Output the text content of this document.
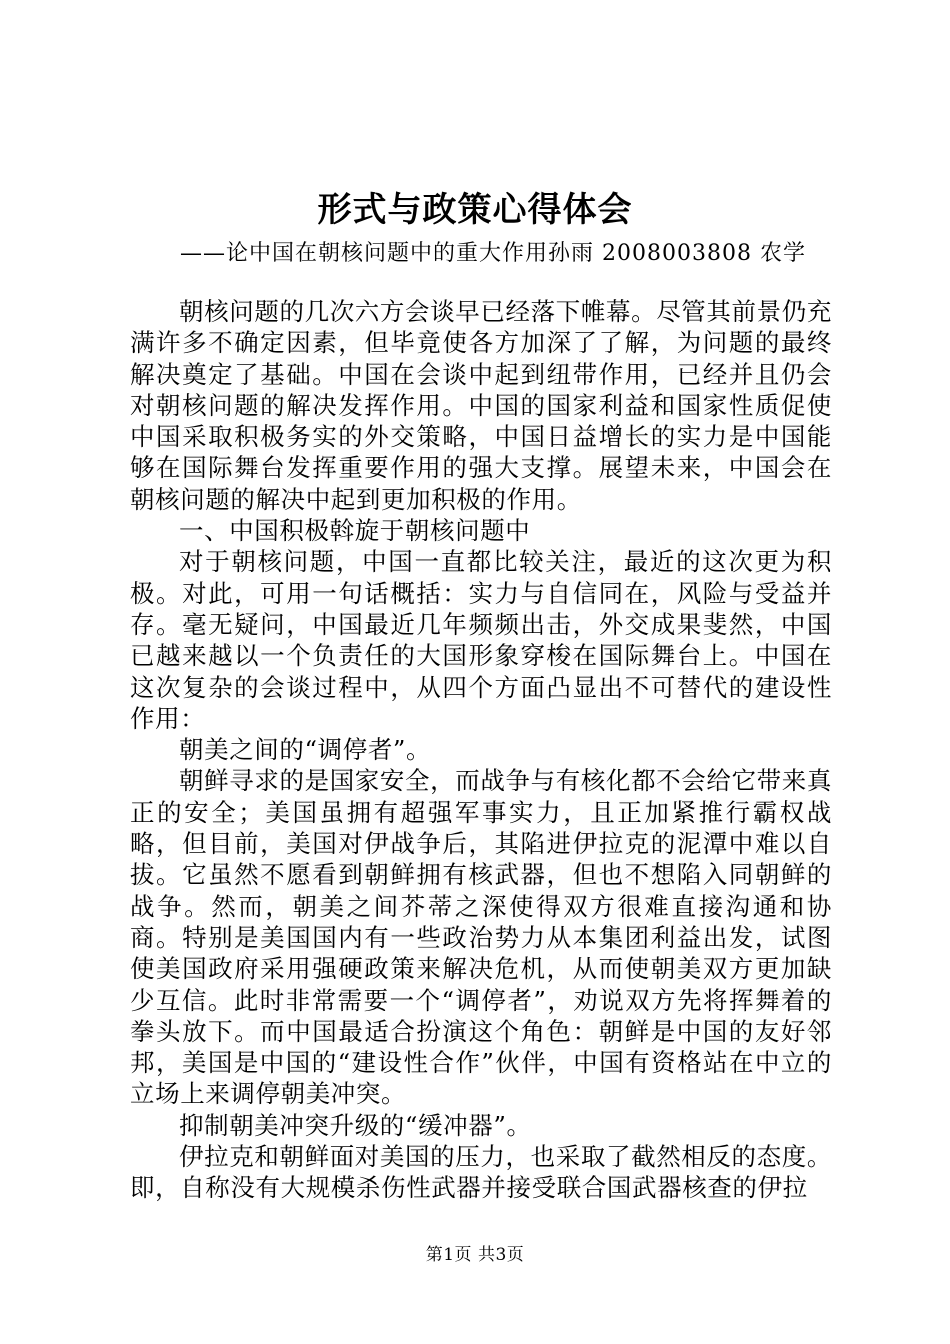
形式与政策心得体会
——论中国在朝核问题中的重大作用孙雨 2008003808 农学

朝核问题的几次六方会谈早已经落下帷幕。尽管其前景仍充满许多不确定因素，但毕竟使各方加深了了解，为问题的最终解决奠定了基础。中国在会谈中起到纽带作用，已经并且仍会对朝核问题的解决发挥作用。中国的国家利益和国家性质促使中国采取积极务实的外交策略，中国日益增长的实力是中国能够在国际舞台发挥重要作用的强大支撑。展望未来，中国会在朝核问题的解决中起到更加积极的作用。

一、中国积极斡旋于朝核问题中

对于朝核问题，中国一直都比较关注，最近的这次更为积极。对此，可用一句话概括：实力与自信同在，风险与受益并存。毫无疑问，中国最近几年频频出击，外交成果斐然，中国已越来越以一个负责任的大国形象穿梭在国际舞台上。中国在这次复杂的会谈过程中，从四个方面凸显出不可替代的建设性作用：

朝美之间的“调停者”。

朝鲜寻求的是国家安全，而战争与有核化都不会给它带来真正的安全；美国虽拥有超强军事实力，且正加紧推行霸权战略，但目前，美国对伊战争后，其陷进伊拉克的泥潭中难以自拔。它虽然不愿看到朝鲜拥有核武器，但也不想陷入同朝鲜的战争。然而，朝美之间芥蒂之深使得双方很难直接沟通和协商。特别是美国国内有一些政治势力从本集团利益出发，试图使美国政府采用强硬政策来解决危机，从而使朝美双方更加缺少互信。此时非常需要一个“调停者”，劝说双方先将挥舞着的拳头放下。而中国最适合扮演这个角色：朝鲜是中国的友好邻邦，美国是中国的“建设性合作”伙伴，中国有资格站在中立的立场上来调停朝美冲突。

抑制朝美冲突升级的“缓冲器”。

伊拉克和朝鲜面对美国的压力，也采取了截然相反的态度。即，自称没有大规模杀伤性武器并接受联合国武器核查的伊拉

第1页 共3页
